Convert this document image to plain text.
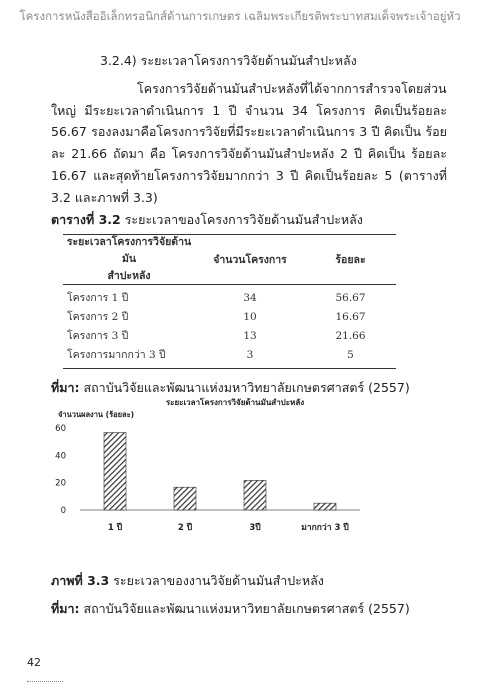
โครงการหนังสืออิเล็กทรอนิกส์ด้านการเกษตร เฉลิมพระเกียรติพระบาทสมเด็จพระเจ้าอยู่หัว
3.2.4) ระยะเวลาโครงการวิจัยด้านมันสำปะหลัง
โครงการวิจัยด้านมันสำปะหลังที่ได้จากการสำรวจโดยส่วน ใหญ่ มีระยะเวลาดำเนินการ 1 ปี จำนวน 34 โครงการ คิดเป็นร้อยละ 56.67 รองลงมาคือโครงการวิจัยที่มีระยะเวลาดำเนินการ 3 ปี คิดเป็น ร้อยละ 21.66 ถัดมา คือ โครงการวิจัยด้านมันสำปะหลัง 2 ปี คิดเป็น ร้อยละ 16.67 และสุดท้ายโครงการวิจัยมากกว่า 3 ปี คิดเป็นร้อยละ 5 (ตารางที่ 3.2 และภาพที่ 3.3)
ตารางที่ 3.2 ระยะเวลาของโครงการวิจัยด้านมันสำปะหลัง
ระยะเวลาโครงการวิจัยด้านมัน
สำปะหลัง
จำนวนโครงการ	ร้อยละ
โครงการ 1 ปี	34	56.67
โครงการ 2 ปี	10	16.67
โครงการ 3 ปี	13	21.66
โครงการมากกว่า 3 ปี	3	5
ที่มา: สถาบันวิจัยและพัฒนาแห่งมหาวิทยาลัยเกษตรศาสตร์ (2557)
ระยะเวลาโครงการวิจัยด้านมันสำปะหลัง
จำนวนผลงาน (ร้อยละ)
0
20
40
60
1 ปี	2 ปี	3ปี	มากกว่า 3 ปี
ภาพที่ 3.3 ระยะเวลาของงานวิจัยด้านมันสำปะหลัง
ที่มา: สถาบันวิจัยและพัฒนาแห่งมหาวิทยาลัยเกษตรศาสตร์ (2557)
42
